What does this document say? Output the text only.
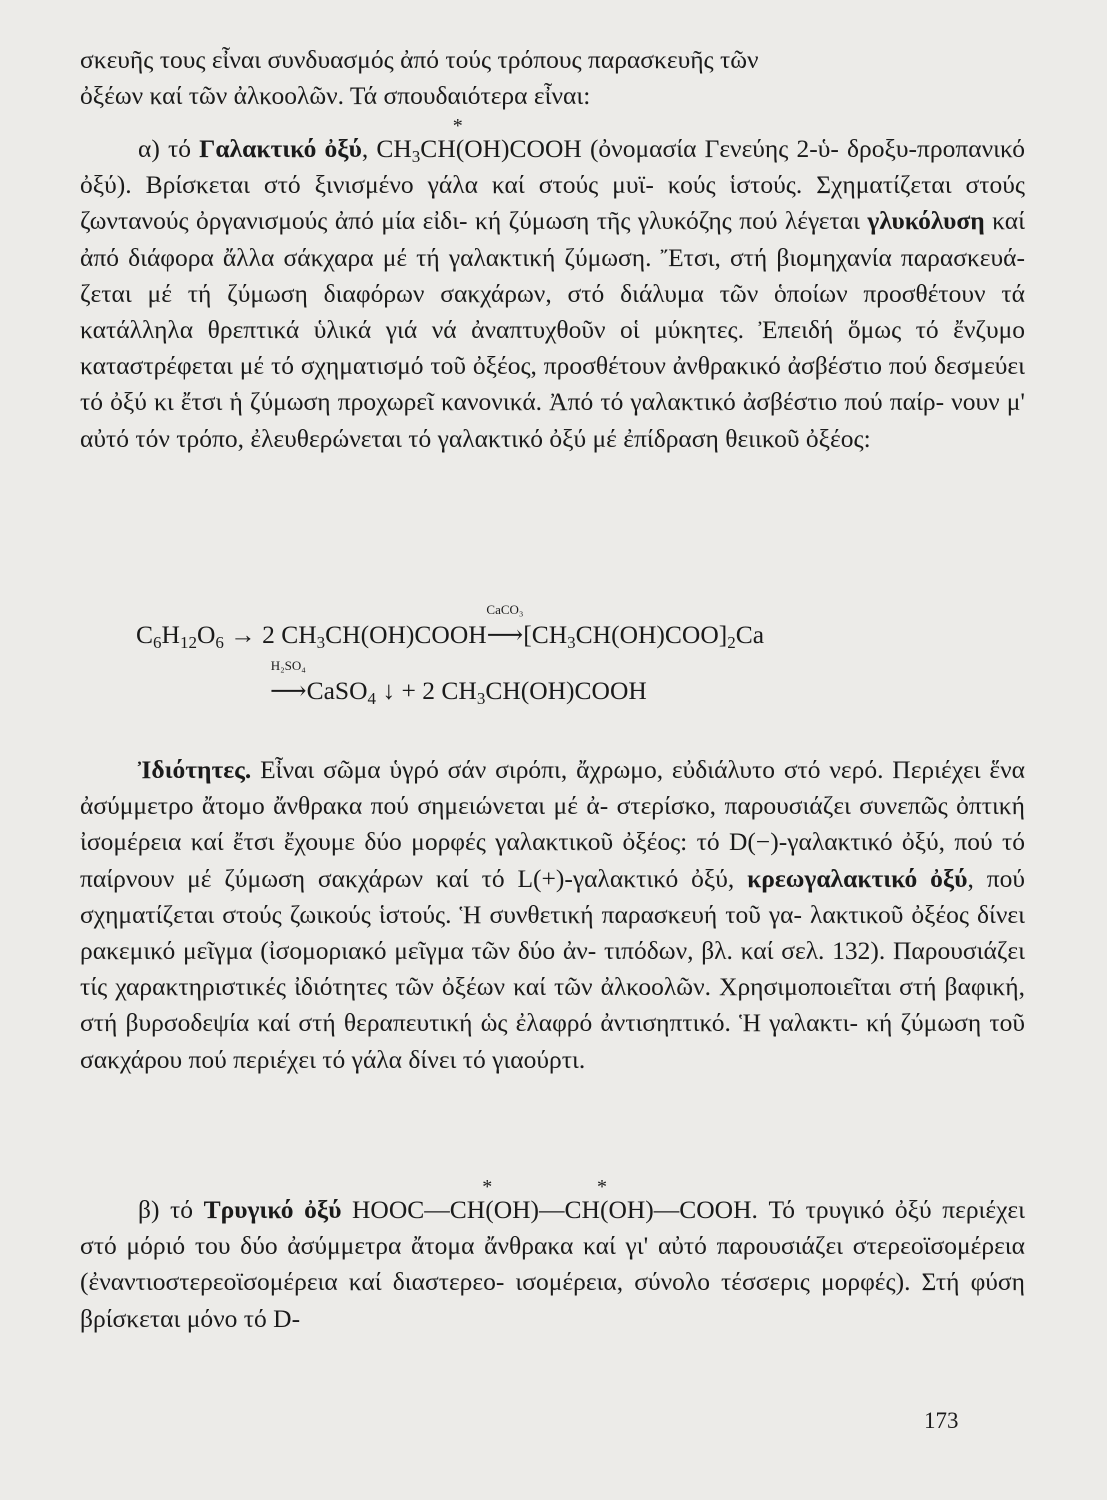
σκευῆς τους εἶναι συνδυασμός ἀπό τούς τρόπους παρασκευῆς τῶν

ὀξέων καί τῶν ἀλκοολῶν. Τά σπουδαιότερα εἶναι:

α) τό Γαλακτικό ὀξύ, $CH_3*$ CH(OH)COOH (ὀνομασία Γενεύης 2-ὑ- δροξυ-προπανικό ὀξύ). Βρίσκεται στό ξινισμένο γάλα καί στούς μυϊ- κούς ἱστούς. Σχηματίζεται στούς ζωντανούς ὀργανισμούς ἀπό μία εἰδι- κή ζύμωση τῆς γλυκόζης πού λέγεται γλυκόλυση καί ἀπό διάφορα ἄλλα σάκχαρα μέ τή γαλακτική ζύμωση. Ἔτσι, στή βιομηχανία παρασκευά- ζεται μέ τή ζύμωση διαφόρων σακχάρων, στό διάλυμα τῶν ὁποίων προσθέτουν τά κατάλληλα θρεπτικά ὑλικά γιά νά ἀναπτυχθοῦν οἱ μύκητες. Ἐπειδή ὅμως τό ἔνζυμο καταστρέφεται μέ τό σχηματισμό τοῦ ὀξέος, προσθέτουν ἀνθρακικό ἀσβέστιο πού δεσμεύει τό ὀξύ κι ἔτσι ἡ ζύμωση προχωρεῖ κανονικά. Ἀπό τό γαλακτικό ἀσβέστιο πού παίρ- νουν μ' αὐτό τόν τρόπο, ἐλευθερώνεται τό γαλακτικό ὀξύ μέ ἐπίδραση θειικοῦ ὀξέος:

$C_6H_{12}O_6 \to 2$ $CH_3CH(OH)COOH$
CaCO₃
$⟶[CH_3CH(OH)COO]_2Ca$
H₂SO₄
⟶CaSO$_4$ ↓ + 2 $CH_3CH(OH)COOH$

Ἰδιότητες. Εἶναι σῶμα ὑγρό σάν σιρόπι, ἄχρωμο, εὐδιάλυτο στό νερό. Περιέχει ἕνα ἀσύμμετρο ἄτομο ἄνθρακα πού σημειώνεται μέ ἀ- στερίσκο, παρουσιάζει συνεπῶς ὀπτική ἰσομέρεια καί ἔτσι ἔχουμε δύο μορφές γαλακτικοῦ ὀξέος: τό D(−)-γαλακτικό ὀξύ, πού τό παίρνουν μέ ζύμωση σακχάρων καί τό L(+)-γαλακτικό ὀξύ, κρεωγαλακτικό ὀξύ, πού σχηματίζεται στούς ζωικούς ἱστούς. Ἡ συνθετική παρασκευή τοῦ γα- λακτικοῦ ὀξέος δίνει ρακεμικό μεῖγμα (ἰσομοριακό μεῖγμα τῶν δύο ἀν- τιπόδων, βλ. καί σελ. 132). Παρουσιάζει τίς χαρακτηριστικές ἰδιότητες τῶν ὀξέων καί τῶν ἀλκοολῶν. Χρησιμοποιεῖται στή βαφική, στή βυρσοδεψία καί στή θεραπευτική ὡς ἐλαφρό ἀντισηπτικό. Ἡ γαλακτι- κή ζύμωση τοῦ σακχάρου πού περιέχει τό γάλα δίνει τό γιαούρτι.

β) τό Τρυγικό ὀξύ HOOC—* CH(OH)—* CH(OH)—COOH. Τό τρυγικό ὀξύ περιέχει στό μόριό του δύο ἀσύμμετρα ἄτομα ἄνθρακα καί γι' αὐτό παρουσιάζει στερεοϊσομέρεια (ἐναντιοστερεοϊσομέρεια καί διαστερεο- ισομέρεια, σύνολο τέσσερις μορφές). Στή φύση βρίσκεται μόνο τό D-

173
